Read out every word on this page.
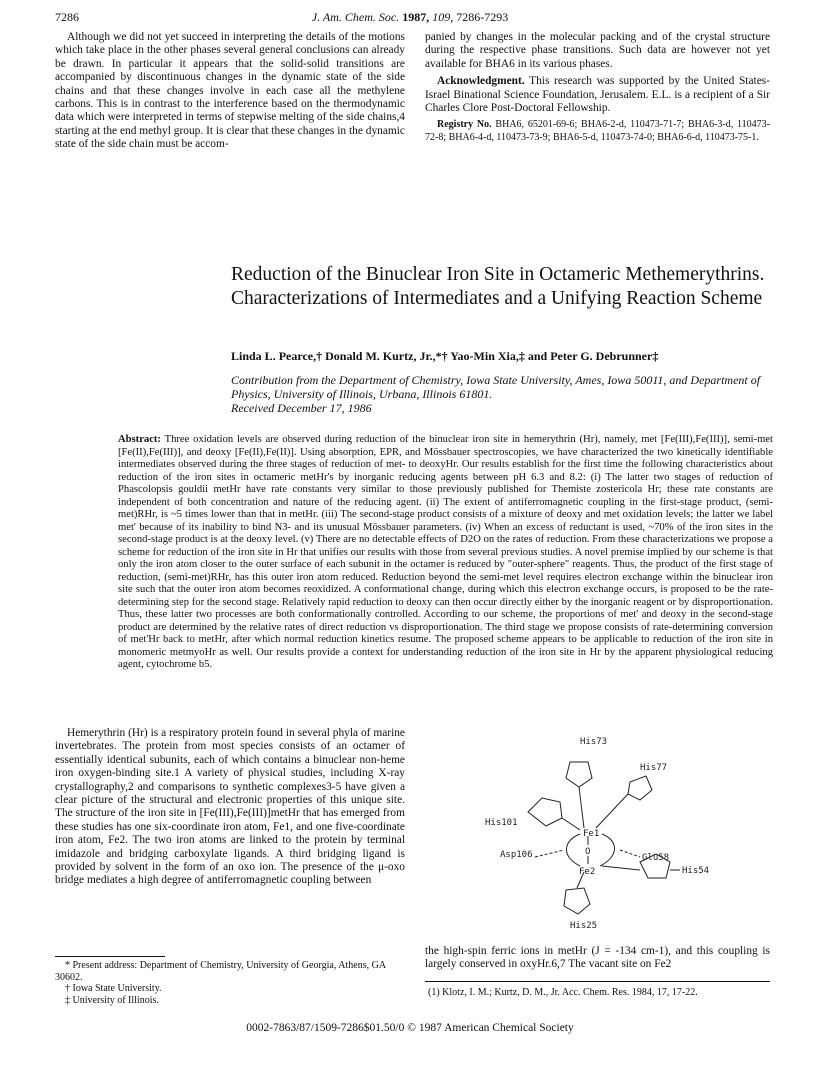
7286	J. Am. Chem. Soc. 1987, 109, 7286-7293

Although we did not yet succeed in interpreting the details of the motions which take place in the other phases several general conclusions can already be drawn. In particular it appears that the solid-solid transitions are accompanied by discontinuous changes in the dynamic state of the side chains and that these changes involve in each case all the methylene carbons. This is in contrast to the interference based on the thermodynamic data which were interpreted in terms of stepwise melting of the side chains,4 starting at the end methyl group. It is clear that these changes in the dynamic state of the side chain must be accom-

panied by changes in the molecular packing and of the crystal structure during the respective phase transitions. Such data are however not yet available for BHA6 in its various phases.

Acknowledgment. This research was supported by the United States-Israel Binational Science Foundation, Jerusalem. E.L. is a recipient of a Sir Charles Clore Post-Doctoral Fellowship.

Registry No. BHA6, 65201-69-6; BHA6-2-d, 110473-71-7; BHA6-3-d, 110473-72-8; BHA6-4-d, 110473-73-9; BHA6-5-d, 110473-74-0; BHA6-6-d, 110473-75-1.

Reduction of the Binuclear Iron Site in Octameric Methemerythrins. Characterizations of Intermediates and a Unifying Reaction Scheme
Linda L. Pearce,† Donald M. Kurtz, Jr.,*† Yao-Min Xia,‡ and Peter G. Debrunner‡
Contribution from the Department of Chemistry, Iowa State University, Ames, Iowa 50011, and Department of Physics, University of Illinois, Urbana, Illinois 61801.
Received December 17, 1986
Abstract: Three oxidation levels are observed during reduction of the binuclear iron site in hemerythrin (Hr), namely, met [Fe(III),Fe(III)], semi-met [Fe(II),Fe(III)], and deoxy [Fe(II),Fe(II)]. Using absorption, EPR, and Mössbauer spectroscopies, we have characterized the two kinetically identifiable intermediates observed during the three stages of reduction of met- to deoxyHr. Our results establish for the first time the following characteristics about reduction of the iron sites in octameric metHr's by inorganic reducing agents between pH 6.3 and 8.2: (i) The latter two stages of reduction of Phascolopsis gouldii metHr have rate constants very similar to those previously published for Themiste zostericola Hr; these rate constants are independent of both concentration and nature of the reducing agent. (ii) The extent of antiferromagnetic coupling in the first-stage product, (semi-met)RHr, is ~5 times lower than that in metHr. (iii) The second-stage product consists of a mixture of deoxy and met oxidation levels; the latter we label met' because of its inability to bind N3- and its unusual Mössbauer parameters. (iv) When an excess of reductant is used, ~70% of the iron sites in the second-stage product is at the deoxy level. (v) There are no detectable effects of D2O on the rates of reduction. From these characterizations we propose a scheme for reduction of the iron site in Hr that unifies our results with those from several previous studies. A novel premise implied by our scheme is that only the iron atom closer to the outer surface of each subunit in the octamer is reduced by "outer-sphere" reagents. Thus, the product of the first stage of reduction, (semi-met)RHr, has this outer iron atom reduced. Reduction beyond the semi-met level requires electron exchange within the binuclear iron site such that the outer iron atom becomes reoxidized. A conformational change, during which this electron exchange occurs, is proposed to be the rate-determining step for the second stage. Relatively rapid reduction to deoxy can then occur directly either by the inorganic reagent or by disproportionation. Thus, these latter two processes are both conformationally controlled. According to our scheme, the proportions of met' and deoxy in the second-stage product are determined by the relative rates of direct reduction vs disproportionation. The third stage we propose consists of rate-determining conversion of met'Hr back to metHr, after which normal reduction kinetics resume. The proposed scheme appears to be applicable to reduction of the iron site in monomeric metmyoHr as well. Our results provide a context for understanding reduction of the iron site in Hr by the apparent physiological reducing agent, cytochrome b5.

Hemerythrin (Hr) is a respiratory protein found in several phyla of marine invertebrates. The protein from most species consists of an octamer of essentially identical subunits, each of which contains a binuclear non-heme iron oxygen-binding site.1 A variety of physical studies, including X-ray crystallography,2 and comparisons to synthetic complexes3-5 have given a clear picture of the structural and electronic properties of this unique site. The structure of the iron site in [Fe(III),Fe(III)]metHr that has emerged from these studies has one six-coordinate iron atom, Fe1, and one five-coordinate iron atom, Fe2. The two iron atoms are linked to the protein by terminal imidazole and bridging carboxylate ligands. A third bridging ligand is provided by solvent in the form of an oxo ion. The presence of the μ-oxo bridge mediates a high degree of antiferromagnetic coupling between

* Present address: Department of Chemistry, University of Georgia, Athens, GA 30602.
† Iowa State University.
‡ University of Illinois.
His73
His77
His101
Fe1
O
Asp106	Glu58
Fe2	His54
His25
the high-spin ferric ions in metHr (J = -134 cm-1), and this coupling is largely conserved in oxyHr.6,7 The vacant site on Fe2
(1) Klotz, I. M.; Kurtz, D. M., Jr. Acc. Chem. Res. 1984, 17, 17-22.
0002-7863/87/1509-7286$01.50/0 © 1987 American Chemical Society
